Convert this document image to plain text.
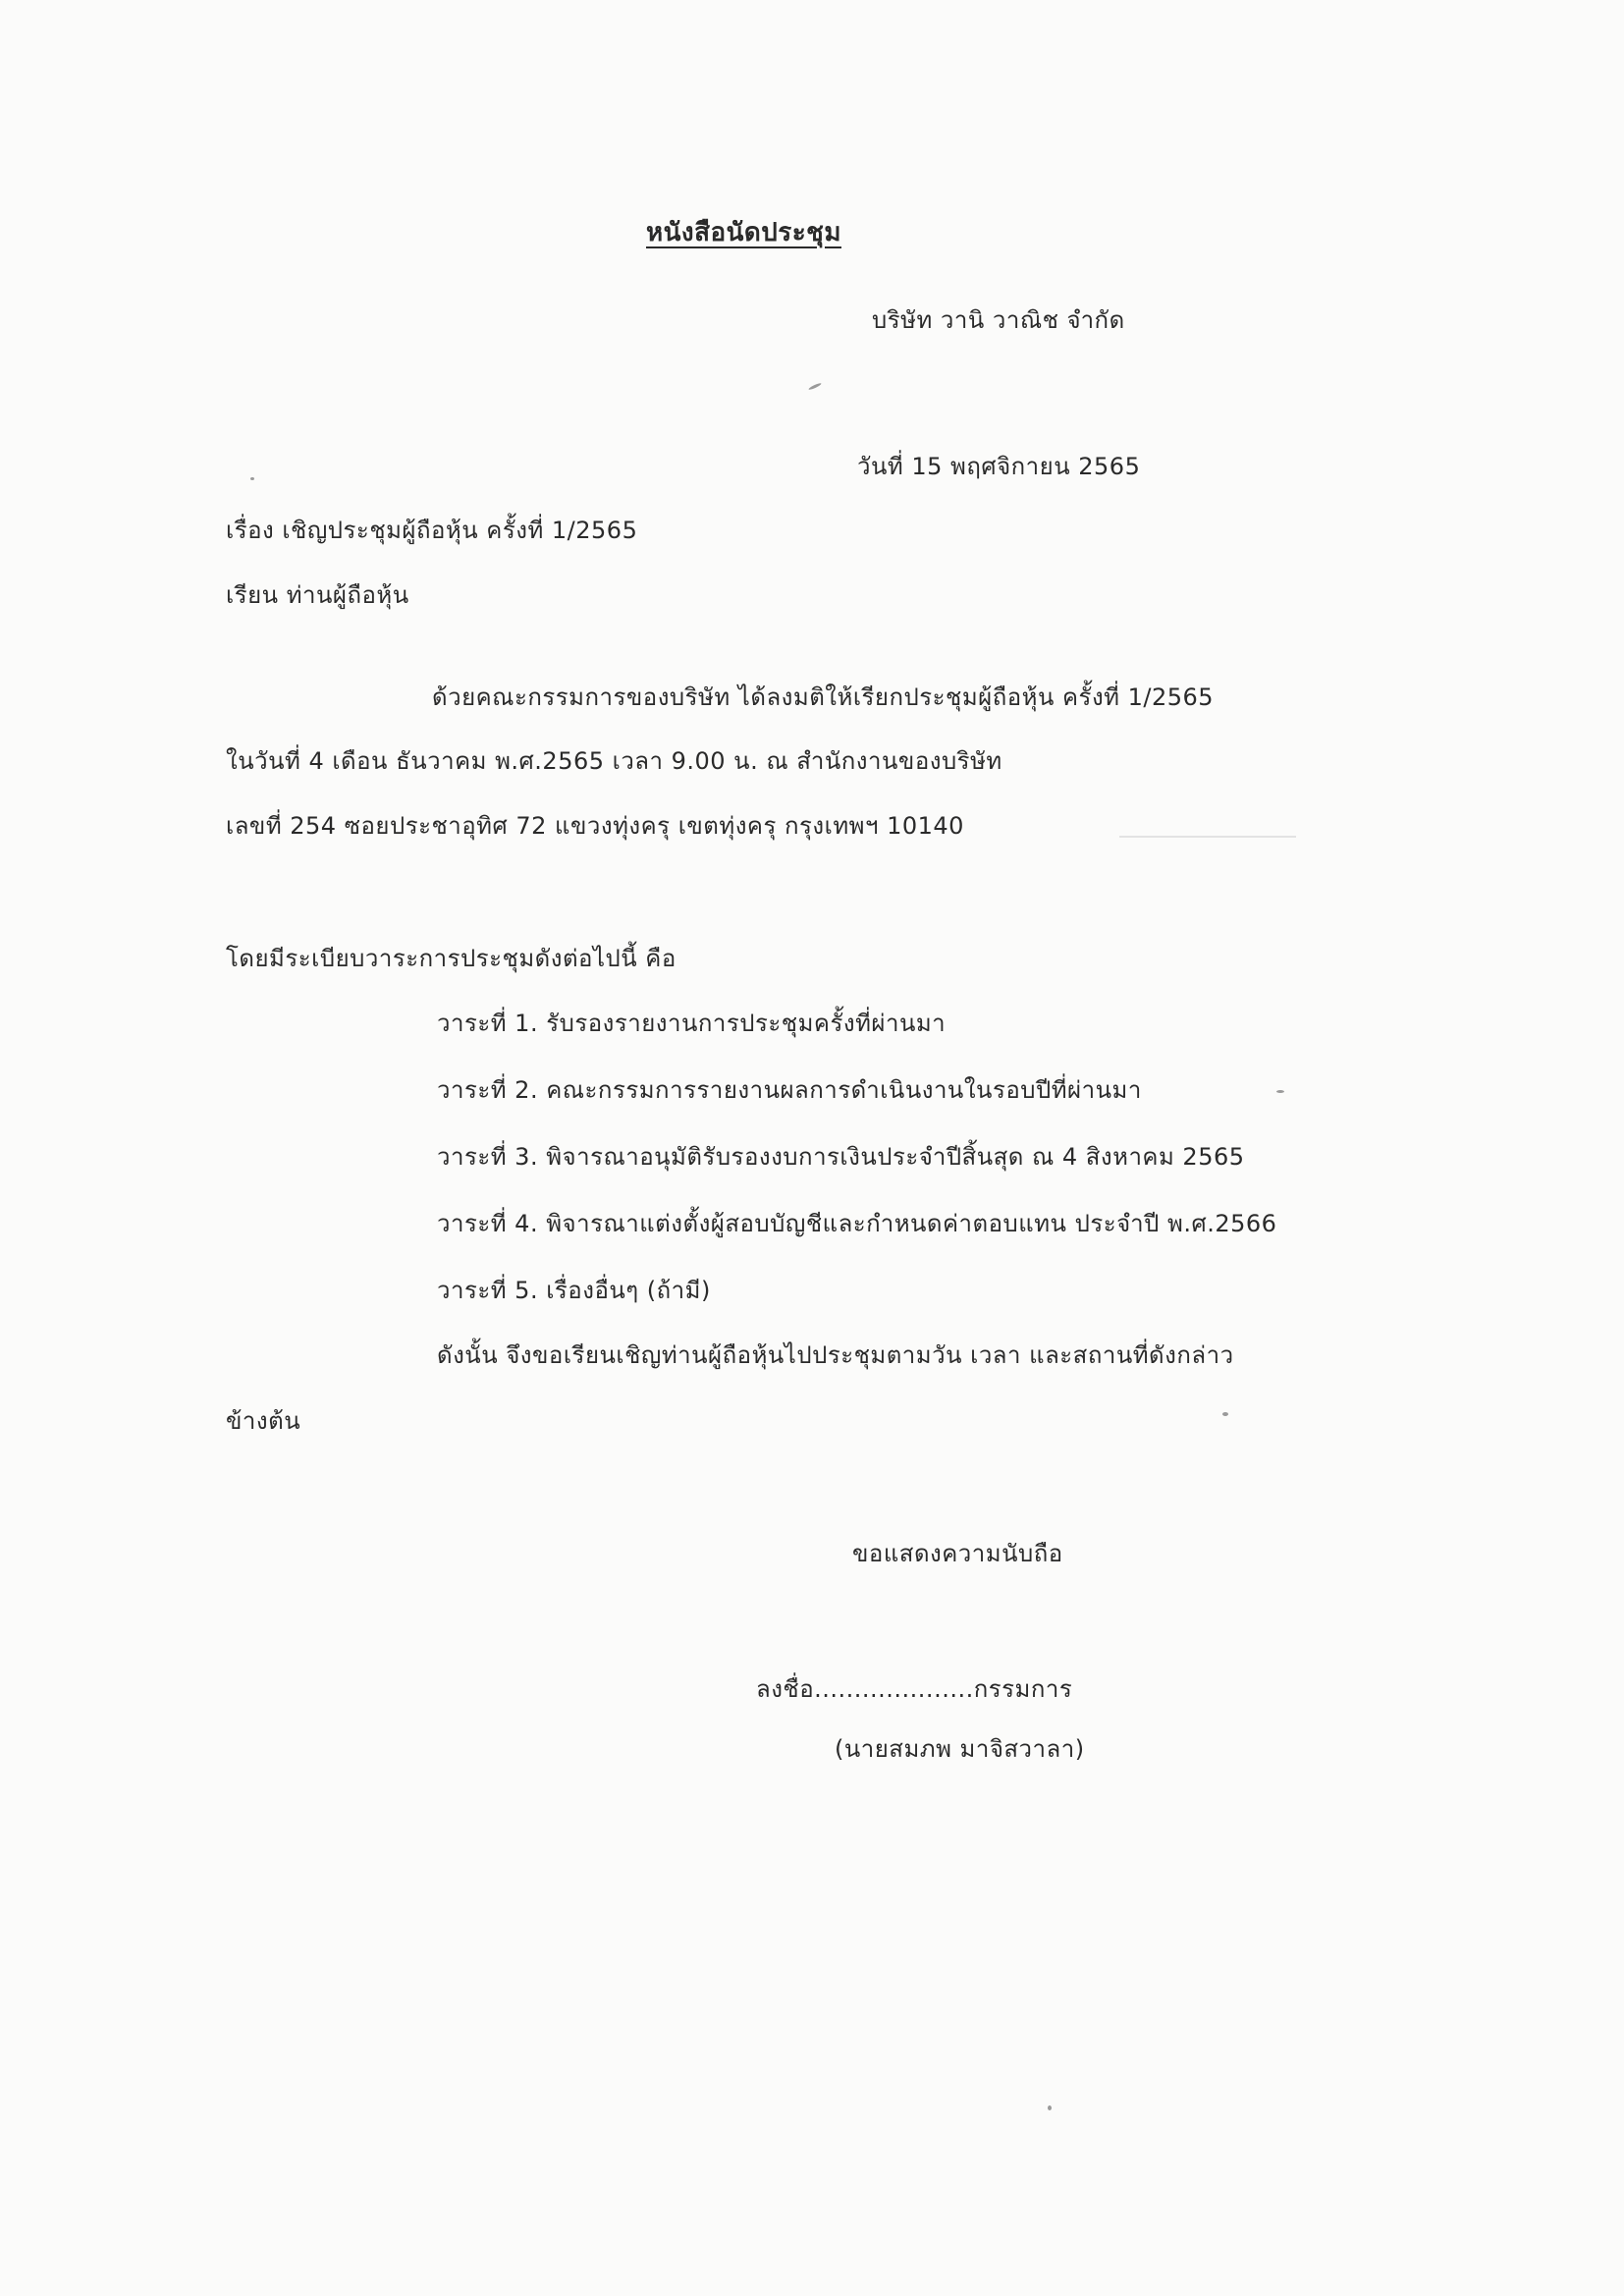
หนังสือนัดประชุม
บริษัท วานิ วาณิช จำกัด
วันที่ 15 พฤศจิกายน 2565
เรื่อง เชิญประชุมผู้ถือหุ้น ครั้งที่ 1/2565
เรียน ท่านผู้ถือหุ้น
ด้วยคณะกรรมการของบริษัท ได้ลงมติให้เรียกประชุมผู้ถือหุ้น ครั้งที่ 1/2565
ในวันที่ 4 เดือน ธันวาคม พ.ศ.2565 เวลา 9.00 น. ณ สำนักงานของบริษัท
เลขที่ 254 ซอยประชาอุทิศ 72 แขวงทุ่งครุ เขตทุ่งครุ กรุงเทพฯ 10140
โดยมีระเบียบวาระการประชุมดังต่อไปนี้ คือ
วาระที่ 1. รับรองรายงานการประชุมครั้งที่ผ่านมา
วาระที่ 2. คณะกรรมการรายงานผลการดำเนินงานในรอบปีที่ผ่านมา
วาระที่ 3. พิจารณาอนุมัติรับรองงบการเงินประจำปีสิ้นสุด ณ 4 สิงหาคม 2565
วาระที่ 4. พิจารณาแต่งตั้งผู้สอบบัญชีและกำหนดค่าตอบแทน ประจำปี พ.ศ.2566
วาระที่ 5. เรื่องอื่นๆ (ถ้ามี)
ดังนั้น จึงขอเรียนเชิญท่านผู้ถือหุ้นไปประชุมตามวัน เวลา และสถานที่ดังกล่าว
ข้างต้น
ขอแสดงความนับถือ
ลงชื่อ....................กรรมการ
(นายสมภพ มาจิสวาลา)
